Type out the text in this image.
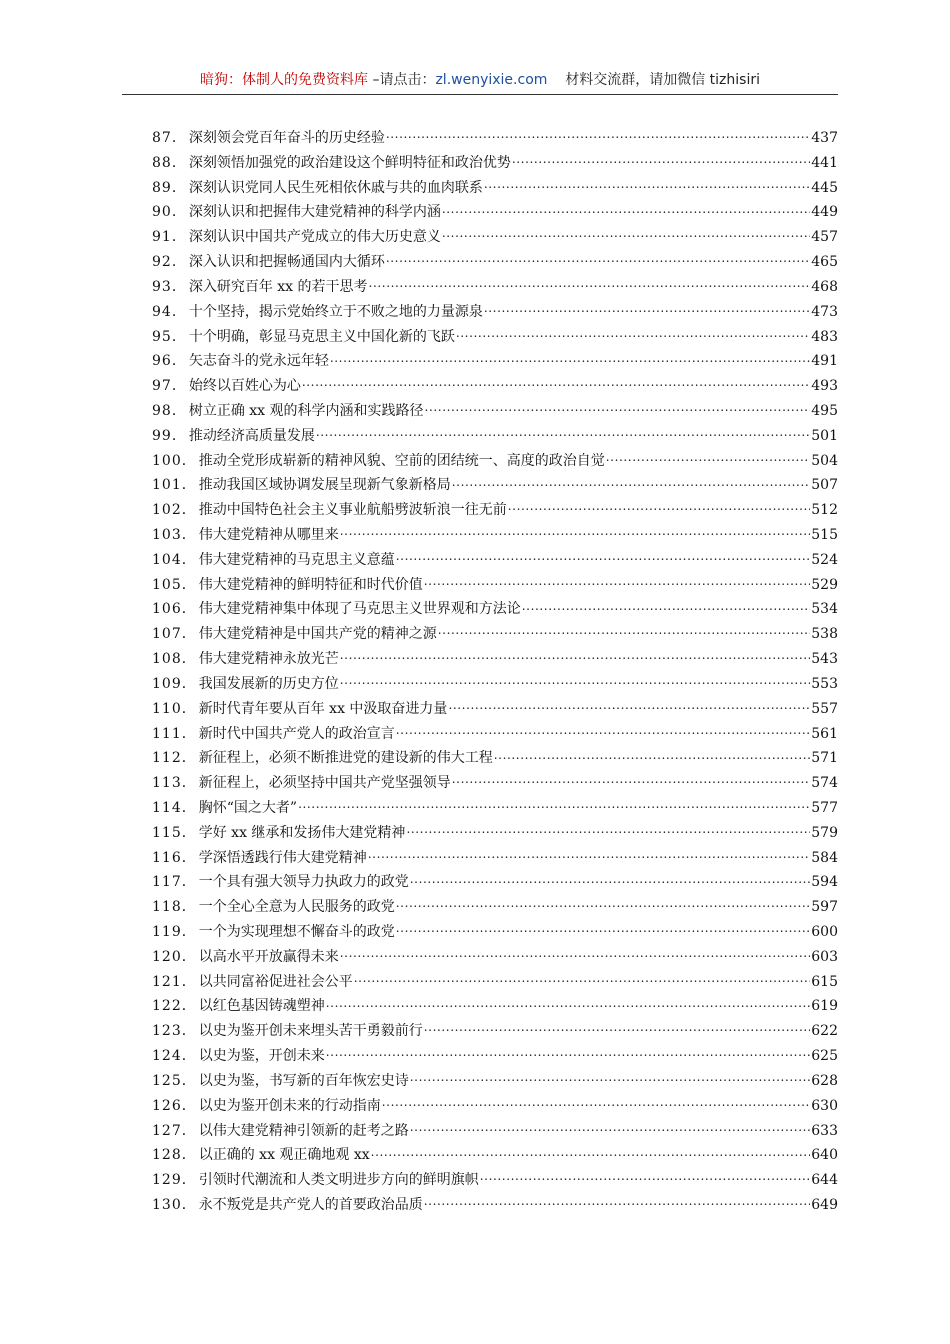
暗狗：体制人的免费资料库 –请点击：zl.wenyixie.com 材料交流群，请加微信 tizhisiri
87． 深刻领会党百年奋斗的历史经验 .....	437
88． 深刻领悟加强党的政治建设这个鲜明特征和政治优势 .....	441
89． 深刻认识党同人民生死相依休戚与共的血肉联系 .....	445
90． 深刻认识和把握伟大建党精神的科学内涵 .....	449
91． 深刻认识中国共产党成立的伟大历史意义 .....	457
92． 深入认识和把握畅通国内大循环 .....	465
93． 深入研究百年 xx 的若干思考 .....	468
94． 十个坚持，揭示党始终立于不败之地的力量源泉 .....	473
95． 十个明确，彰显马克思主义中国化新的飞跃 .....	483
96． 矢志奋斗的党永远年轻 .....	491
97． 始终以百姓心为心 .....	493
98． 树立正确 xx 观的科学内涵和实践路径 .....	495
99． 推动经济高质量发展 .....	501
100． 推动全党形成崭新的精神风貌、空前的团结统一、高度的政治自觉 .....	504
101． 推动我国区域协调发展呈现新气象新格局 .....	507
102． 推动中国特色社会主义事业航船劈波斩浪一往无前 .....	512
103． 伟大建党精神从哪里来 .....	515
104． 伟大建党精神的马克思主义意蕴 .....	524
105． 伟大建党精神的鲜明特征和时代价值 .....	529
106． 伟大建党精神集中体现了马克思主义世界观和方法论 .....	534
107． 伟大建党精神是中国共产党的精神之源 .....	538
108． 伟大建党精神永放光芒 .....	543
109． 我国发展新的历史方位 .....	553
110． 新时代青年要从百年 xx 中汲取奋进力量 .....	557
111． 新时代中国共产党人的政治宣言 .....	561
112． 新征程上，必须不断推进党的建设新的伟大工程 .....	571
113． 新征程上，必须坚持中国共产党坚强领导 .....	574
114． 胸怀“国之大者” .....	577
115． 学好 xx 继承和发扬伟大建党精神 .....	579
116． 学深悟透践行伟大建党精神 .....	584
117． 一个具有强大领导力执政力的政党 .....	594
118． 一个全心全意为人民服务的政党 .....	597
119． 一个为实现理想不懈奋斗的政党 .....	600
120． 以高水平开放赢得未来 .....	603
121． 以共同富裕促进社会公平 .....	615
122． 以红色基因铸魂塑神 .....	619
123． 以史为鉴开创未来埋头苦干勇毅前行 .....	622
124． 以史为鉴，开创未来 .....	625
125． 以史为鉴，书写新的百年恢宏史诗 .....	628
126． 以史为鉴开创未来的行动指南 .....	630
127． 以伟大建党精神引领新的赶考之路 .....	633
128． 以正确的 xx 观正确地观 xx .....	640
129． 引领时代潮流和人类文明进步方向的鲜明旗帜 .....	644
130． 永不叛党是共产党人的首要政治品质 .....	649
